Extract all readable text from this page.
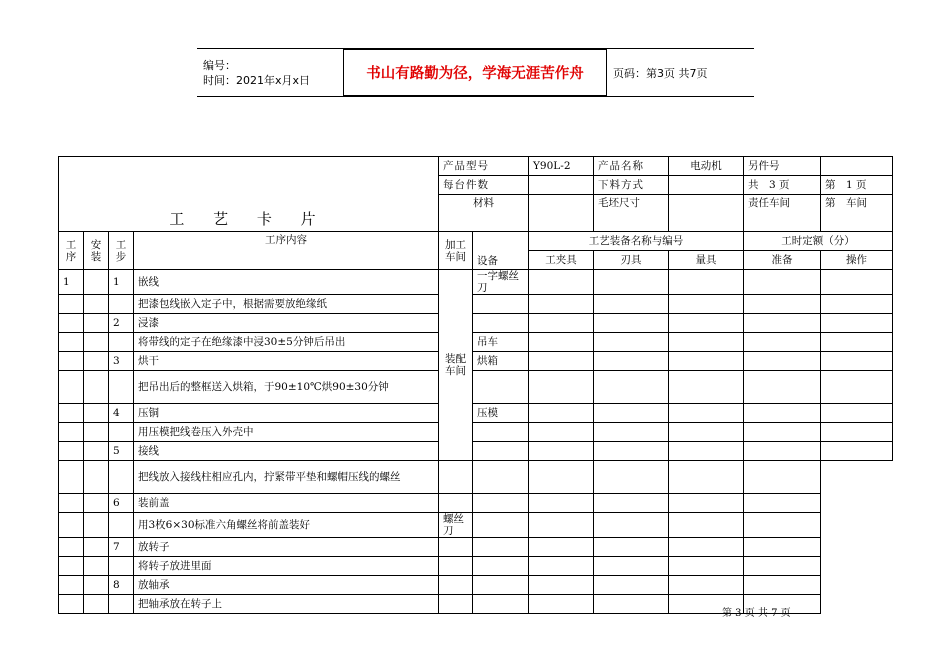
编号：
时间：2021年x月x日	书山有路勤为径，学海无涯苦作舟	页码：第3页 共7页
工 艺 卡 片				产品型号		Y90L-2	产品名称	电动机	另件号	
				每台件数			下料方式		共　3 页	第　1 页
				材料			毛坯尺寸		责任车间	第　车间
工序	安装	工步	工序内容	加工车间	设备	工艺装备名称与编号			工时定额（分）	
						工夹具	刃具	量具	准备	操作
1		1	嵌线	装配车间	一字螺丝刀					
			把漆包线嵌入定子中，根据需要放绝缘纸							
		2	浸漆							
			将带线的定子在绝缘漆中浸30±5分钟后吊出		吊车					
		3	烘干		烘箱					
			把吊出后的整框送入烘箱，于90±10℃烘90±30分钟							
		4	压铜		压模					
			用压模把线卷压入外壳中							
		5	接线							
			把线放入接线柱相应孔内，拧紧带平垫和螺帽压线的螺丝							
		6	装前盖							
			用3枚6×30标准六角螺丝将前盖装好	螺丝刀						
		7	放转子							
			将转子放进里面							
		8	放轴承							
			把轴承放在转子上							
第 3 页 共 7 页
